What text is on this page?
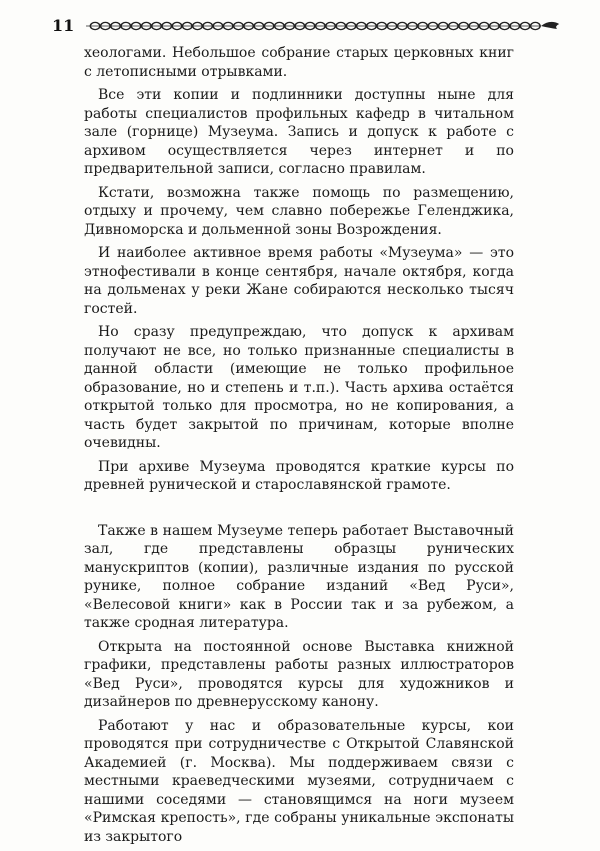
11

хеологами. Небольшое собрание старых церковных книг с летописными отрывками.

Все эти копии и подлинники доступны ныне для работы специалистов профильных кафедр в читальном зале (горнице) Музеума. Запись и допуск к работе с архивом осуществляется через интернет и по предварительной записи, согласно правилам.

Кстати, возможна также помощь по размещению, отдыху и прочему, чем славно побережье Геленджика, Дивноморска и дольменной зоны Возрождения.

И наиболее активное время работы «Музеума» — это этнофестивали в конце сентября, начале октября, когда на дольменах у реки Жане собираются несколько тысяч гостей.

Но сразу предупреждаю, что допуск к архивам получают не все, но только признанные специалисты в данной области (имеющие не только профильное образование, но и степень и т.п.). Часть архива остаётся открытой только для просмотра, но не копирования, а часть будет закрытой по причинам, которые вполне очевидны.

При архиве Музеума проводятся краткие курсы по древней рунической и старославянской грамоте.

Также в нашем Музеуме теперь работает Выставочный зал, где представлены образцы рунических манускриптов (копии), различные издания по русской рунике, полное собрание изданий «Вед Руси», «Велесовой книги» как в России так и за рубежом, а также сродная литература.

Открыта на постоянной основе Выставка книжной графики, представлены работы разных иллюстраторов «Вед Руси», проводятся курсы для художников и дизайнеров по древнерусскому канону.

Работают у нас и образовательные курсы, кои проводятся при сотрудничестве с Открытой Славянской Академией (г. Москва). Мы поддерживаем связи с местными краеведческими музеями, сотрудничаем с нашими соседями — становящимся на ноги музеем «Римская крепость», где собраны уникальные экспонаты из закрытого
